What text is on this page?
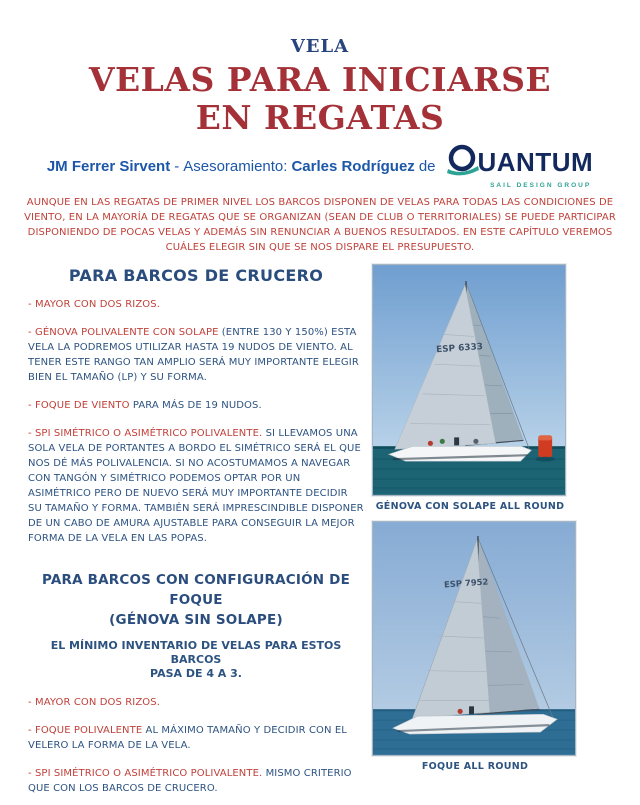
VELA
VELAS PARA INICIARSE
EN REGATAS
JM Ferrer Sirvent - Asesoramiento: Carles Rodríguez de UANTUM
SAIL DESIGN GROUP

AUNQUE EN LAS REGATAS DE PRIMER NIVEL LOS BARCOS DISPONEN DE VELAS PARA TODAS LAS CONDICIONES DE VIENTO, EN LA MAYORÍA DE REGATAS QUE SE ORGANIZAN (SEAN DE CLUB O TERRITORIALES) SE PUEDE PARTICIPAR DISPONIENDO DE POCAS VELAS Y ADEMÁS SIN RENUNCIAR A BUENOS RESULTADOS. EN ESTE CAPÍTULO VEREMOS CUÁLES ELEGIR SIN QUE SE NOS DISPARE EL PRESUPUESTO.

PARA BARCOS DE CRUCERO
- MAYOR CON DOS RIZOS.
- GÉNOVA POLIVALENTE CON SOLAPE (ENTRE 130 Y 150%) ESTA VELA LA PODREMOS UTILIZAR HASTA 19 NUDOS DE VIENTO. AL TENER ESTE RANGO TAN AMPLIO SERÁ MUY IMPORTANTE ELEGIR BIEN EL TAMAÑO (LP) Y SU FORMA.
- FOQUE DE VIENTO PARA MÁS DE 19 NUDOS.
- SPI SIMÉTRICO O ASIMÉTRICO POLIVALENTE. SI LLEVAMOS UNA SOLA VELA DE PORTANTES A BORDO EL SIMÉTRICO SERÁ EL QUE NOS DÉ MÁS POLIVALENCIA. SI NO ACOSTUMAMOS A NAVEGAR CON TANGÓN Y SIMÉTRICO PODEMOS OPTAR POR UN ASIMÉTRICO PERO DE NUEVO SERÁ MUY IMPORTANTE DECIDIR SU TAMAÑO Y FORMA. TAMBIÉN SERÁ IMPRESCINDIBLE DISPONER DE UN CABO DE AMURA AJUSTABLE PARA CONSEGUIR LA MEJOR FORMA DE LA VELA EN LAS POPAS.
PARA BARCOS CON CONFIGURACIÓN DE FOQUE
(GÉNOVA SIN SOLAPE)

EL MÍNIMO INVENTARIO DE VELAS PARA ESTOS BARCOS
PASA DE 4 A 3.

- MAYOR CON DOS RIZOS.
- FOQUE POLIVALENTE AL MÁXIMO TAMAÑO Y DECIDIR CON EL VELERO LA FORMA DE LA VELA.
- SPI SIMÉTRICO O ASIMÉTRICO POLIVALENTE. MISMO CRITERIO QUE CON LOS BARCOS DE CRUCERO.
ESP 6333
GÉNOVA CON SOLAPE ALL ROUND
ESP 7952
FOQUE ALL ROUND
